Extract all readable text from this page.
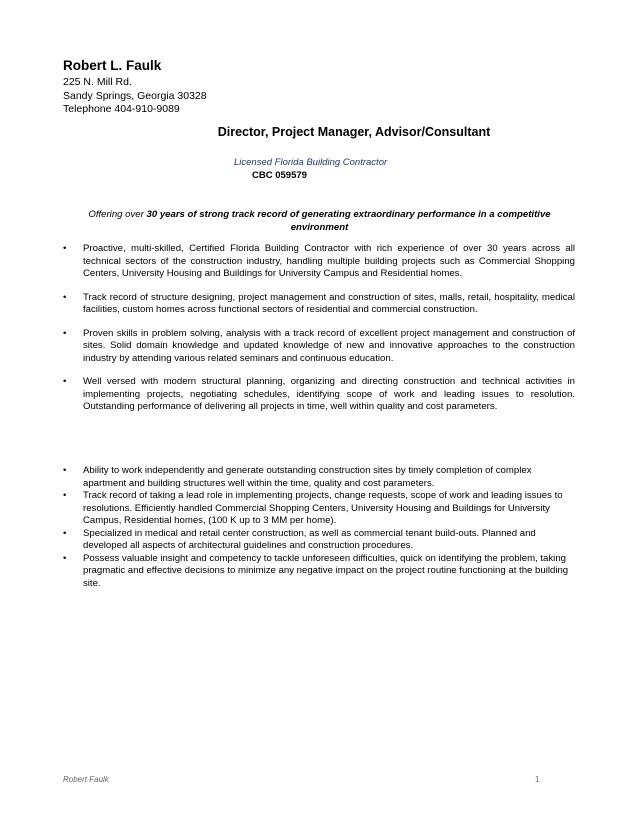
Robert L. Faulk
225 N. Mill Rd.
Sandy Springs, Georgia 30328
Telephone 404-910-9089
Director, Project Manager, Advisor/Consultant
Licensed Florida Building Contractor
CBC 059579
Offering over 30 years of strong track record of generating extraordinary performance in a competitive environment
• Proactive, multi-skilled, Certified Florida Building Contractor with rich experience of over 30 years across all technical sectors of the construction industry, handling multiple building projects such as Commercial Shopping Centers, University Housing and Buildings for University Campus and Residential homes.
• Track record of structure designing, project management and construction of sites, malls, retail, hospitality, medical facilities, custom homes across functional sectors of residential and commercial construction.
• Proven skills in problem solving, analysis with a track record of excellent project management and construction of sites. Solid domain knowledge and updated knowledge of new and innovative approaches to the construction industry by attending various related seminars and continuous education.
• Well versed with modern structural planning, organizing and directing construction and technical activities in implementing projects, negotiating schedules, identifying scope of work and leading issues to resolution. Outstanding performance of delivering all projects in time, well within quality and cost parameters.
• Ability to work independently and generate outstanding construction sites by timely completion of complex apartment and building structures well within the time, quality and cost parameters.
• Track record of taking a lead role in implementing projects, change requests, scope of work and leading issues to resolutions. Efficiently handled Commercial Shopping Centers, University Housing and Buildings for University Campus, Residential homes, (100 K up to 3 MM per home).
• Specialized in medical and retail center construction, as well as commercial tenant build-outs. Planned and developed all aspects of architectural guidelines and construction procedures.
• Possess valuable insight and competency to tackle unforeseen difficulties, quick on identifying the problem, taking pragmatic and effective decisions to minimize any negative impact on the project routine functioning at the building site.
Robert Faulk	1
